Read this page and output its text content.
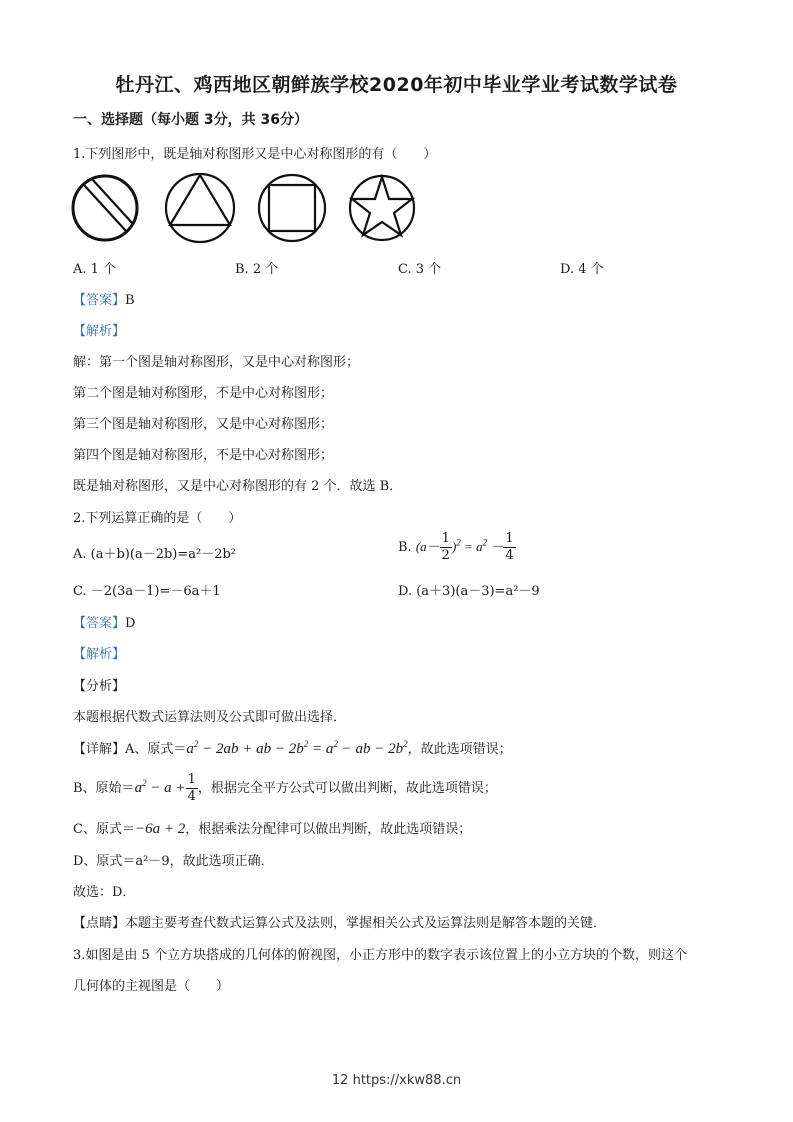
牡丹江、鸡西地区朝鲜族学校2020年初中毕业学业考试数学试卷
一、选择题（每小题 3分，共 36分）
1.下列图形中，既是轴对称图形又是中心对称图形的有（　　）
A. 1 个	B. 2 个	C. 3 个	D. 4 个
【答案】B
【解析】
解：第一个图是轴对称图形，又是中心对称图形；
第二个图是轴对称图形，不是中心对称图形；
第三个图是轴对称图形，又是中心对称图形；
第四个图是轴对称图形，不是中心对称图形；
既是轴对称图形，又是中心对称图形的有 2 个．故选 B．
2.下列运算正确的是（　　）
A. (a＋b)(a－2b)=a²－2b²	B. $(a- \frac{1}{2} )^2 = a^2 - \frac{1}{4}$
C. －2(3a－1)=－6a＋1	D. (a＋3)(a－3)=a²－9
【答案】D
【解析】
【分析】
本题根据代数式运算法则及公式即可做出选择．
【详解】A、原式$=a^2 - 2ab$ + ab − $2b^2 = a^2$ − ab − $2b^2$，故此选项错误；
B、原始$=a^2 - a + \frac{1}{4}$ ，根据完全平方公式可以做出判断，故此选项错误；
C、原式＝−6a + 2，根据乘法分配律可以做出判断，故此选项错误；
D、原式＝a²－9，故此选项正确．
故选：D．
【点睛】本题主要考查代数式运算公式及法则，掌握相关公式及运算法则是解答本题的关键．
3.如图是由 5 个立方块搭成的几何体的俯视图，小正方形中的数字表示该位置上的小立方块的个数，则这个
几何体的主视图是（　　）
12 https://xkw88.cn
